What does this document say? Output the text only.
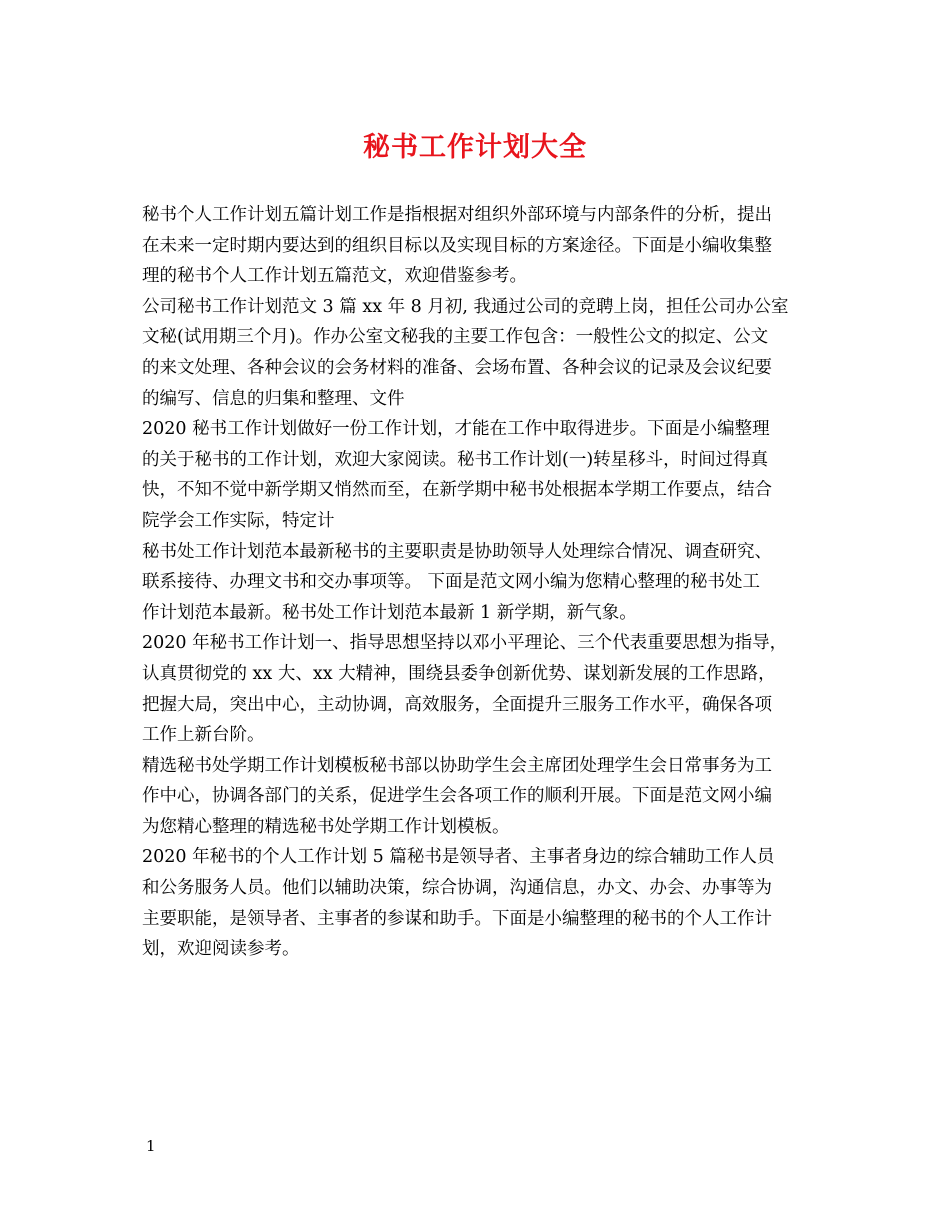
秘书工作计划大全
秘书个人工作计划五篇计划工作是指根据对组织外部环境与内部条件的分析，提出
在未来一定时期内要达到的组织目标以及实现目标的方案途径。下面是小编收集整
理的秘书个人工作计划五篇范文，欢迎借鉴参考。
公司秘书工作计划范文 3 篇 xx 年 8 月初, 我通过公司的竞聘上岗，担任公司办公室
文秘(试用期三个月)。作办公室文秘我的主要工作包含：一般性公文的拟定、公文
的来文处理、各种会议的会务材料的准备、会场布置、各种会议的记录及会议纪要
的编写、信息的归集和整理、文件
2020 秘书工作计划做好一份工作计划，才能在工作中取得进步。下面是小编整理
的关于秘书的工作计划，欢迎大家阅读。秘书工作计划(一)转星移斗，时间过得真
快，不知不觉中新学期又悄然而至，在新学期中秘书处根据本学期工作要点，结合
院学会工作实际，特定计
秘书处工作计划范本最新秘书的主要职责是协助领导人处理综合情况、调查研究、
联系接待、办理文书和交办事项等。 下面是范文网小编为您精心整理的秘书处工
作计划范本最新。秘书处工作计划范本最新 1 新学期，新气象。
2020 年秘书工作计划一、指导思想坚持以邓小平理论、三个代表重要思想为指导，
认真贯彻党的 xx 大、xx 大精神，围绕县委争创新优势、谋划新发展的工作思路，
把握大局，突出中心，主动协调，高效服务，全面提升三服务工作水平，确保各项
工作上新台阶。
精选秘书处学期工作计划模板秘书部以协助学生会主席团处理学生会日常事务为工
作中心，协调各部门的关系，促进学生会各项工作的顺利开展。下面是范文网小编
为您精心整理的精选秘书处学期工作计划模板。
2020 年秘书的个人工作计划 5 篇秘书是领导者、主事者身边的综合辅助工作人员
和公务服务人员。他们以辅助决策，综合协调，沟通信息，办文、办会、办事等为
主要职能，是领导者、主事者的参谋和助手。下面是小编整理的秘书的个人工作计
划，欢迎阅读参考。
1
